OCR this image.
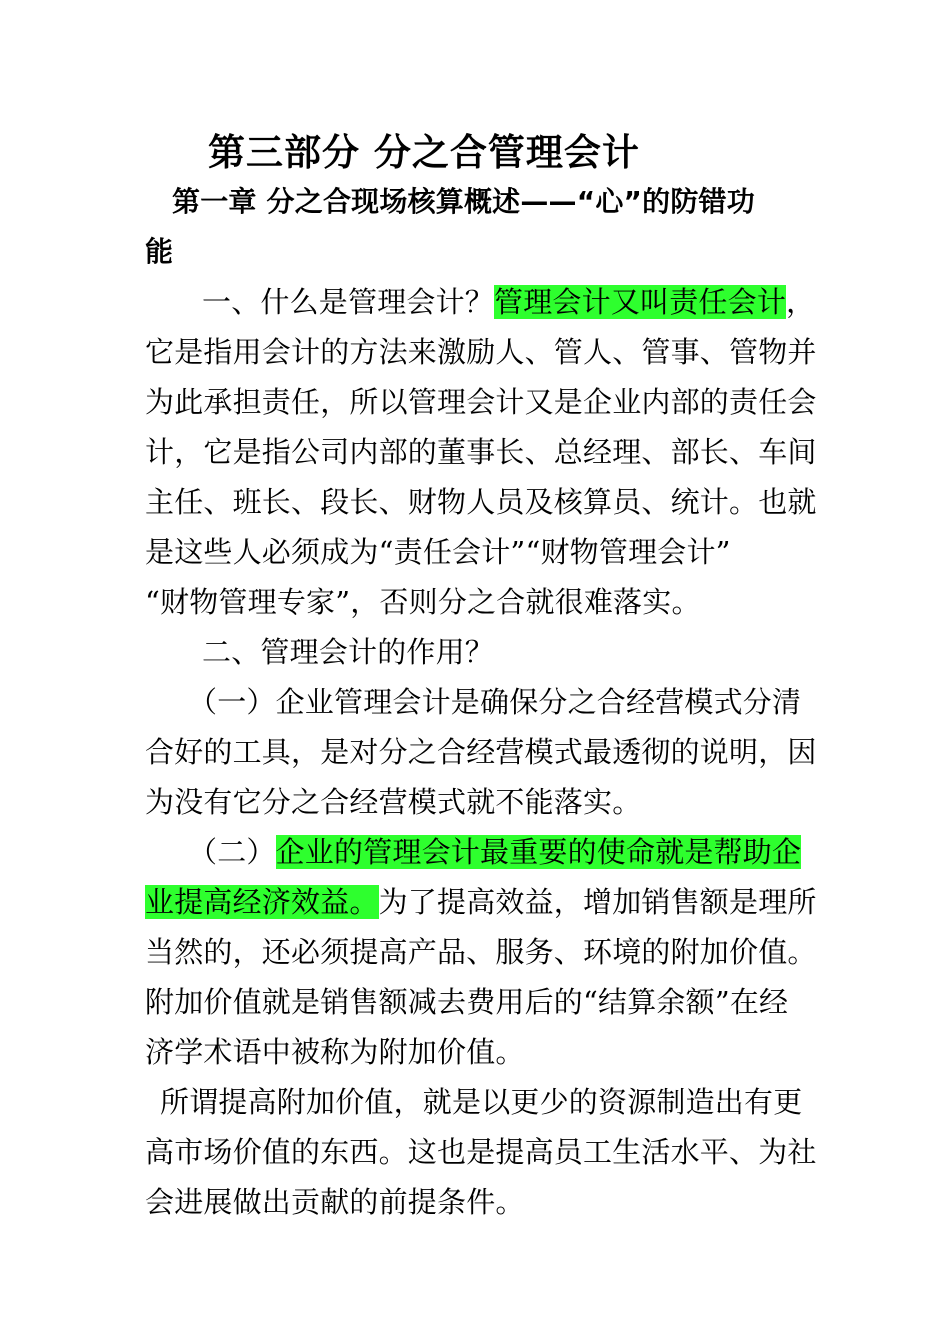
第三部分 分之合管理会计
第一章 分之合现场核算概述——“心”的防错功
能
一、什么是管理会计？管理会计又叫责任会计，
它是指用会计的方法来激励人、管人、管事、管物并
为此承担责任，所以管理会计又是企业内部的责任会
计，它是指公司内部的董事长、总经理、部长、车间
主任、班长、段长、财物人员及核算员、统计。也就
是这些人必须成为“责任会计”“财物管理会计”
“财物管理专家”，否则分之合就很难落实。
二、管理会计的作用？
（一）企业管理会计是确保分之合经营模式分清
合好的工具，是对分之合经营模式最透彻的说明，因
为没有它分之合经营模式就不能落实。
（二）企业的管理会计最重要的使命就是帮助企
业提高经济效益。为了提高效益，增加销售额是理所
当然的，还必须提高产品、服务、环境的附加价值。
附加价值就是销售额减去费用后的“结算余额”在经
济学术语中被称为附加价值。
所谓提高附加价值，就是以更少的资源制造出有更
高市场价值的东西。这也是提高员工生活水平、为社
会进展做出贡献的前提条件。
